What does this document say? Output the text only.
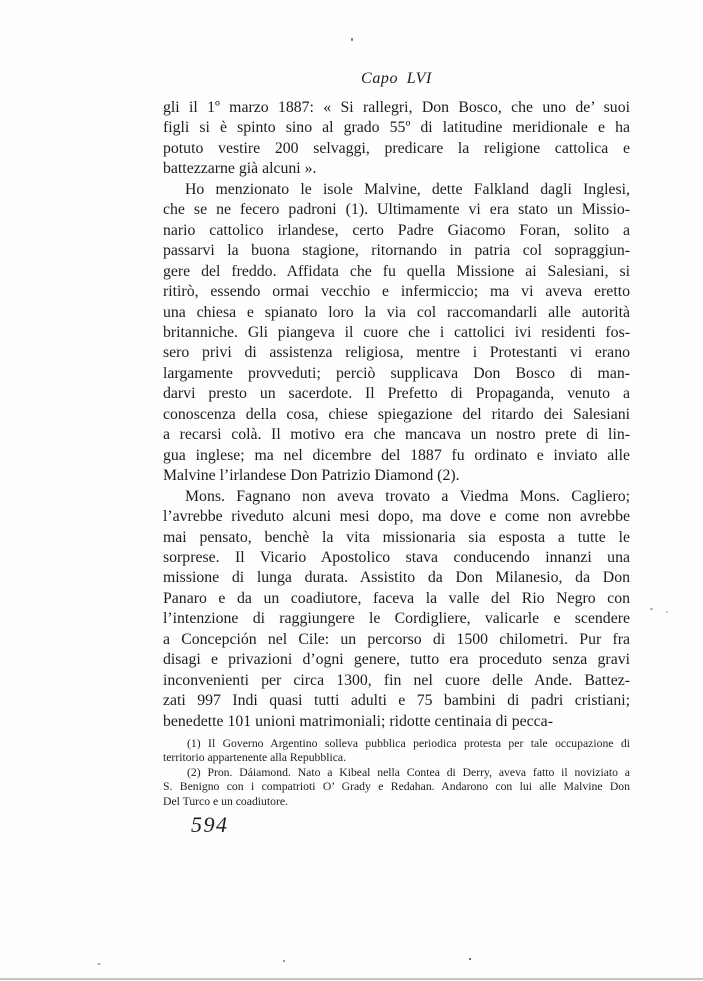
Capo LVI
gli il 1º marzo 1887: « Si rallegri, Don Bosco, che uno de’ suoi
figli si è spinto sino al grado 55º di latitudine meridionale e ha
potuto vestire 200 selvaggi, predicare la religione cattolica e
battezzarne già alcuni ».
Ho menzionato le isole Malvine, dette Falkland dagli Inglesi,
che se ne fecero padroni (1). Ultimamente vi era stato un Missio-
nario cattolico irlandese, certo Padre Giacomo Foran, solito a
passarvi la buona stagione, ritornando in patria col sopraggiun-
gere del freddo. Affidata che fu quella Missione ai Salesiani, si
ritirò, essendo ormai vecchio e infermiccio; ma vi aveva eretto
una chiesa e spianato loro la via col raccomandarli alle autorità
britanniche. Gli piangeva il cuore che i cattolici ivi residenti fos-
sero privi di assistenza religiosa, mentre i Protestanti vi erano
largamente provveduti; perciò supplicava Don Bosco di man-
darvi presto un sacerdote. Il Prefetto di Propaganda, venuto a
conoscenza della cosa, chiese spiegazione del ritardo dei Salesiani
a recarsi colà. Il motivo era che mancava un nostro prete di lin-
gua inglese; ma nel dicembre del 1887 fu ordinato e inviato alle
Malvine l’irlandese Don Patrizio Diamond (2).
Mons. Fagnano non aveva trovato a Viedma Mons. Cagliero;
l’avrebbe riveduto alcuni mesi dopo, ma dove e come non avrebbe
mai pensato, benchè la vita missionaria sia esposta a tutte le
sorprese. Il Vicario Apostolico stava conducendo innanzi una
missione di lunga durata. Assistito da Don Milanesio, da Don
Panaro e da un coadiutore, faceva la valle del Rio Negro con
l’intenzione di raggiungere le Cordigliere, valicarle e scendere
a Concepción nel Cile: un percorso di 1500 chilometri. Pur fra
disagi e privazioni d’ogni genere, tutto era proceduto senza gravi
inconvenienti per circa 1300, fin nel cuore delle Ande. Battez-
zati 997 Indi quasi tutti adulti e 75 bambini di padri cristiani;
benedette 101 unioni matrimoniali; ridotte centinaia di pecca-
(1) Il Governo Argentino solleva pubblica periodica protesta per tale occupazione di
territorio appartenente alla Repubblica.
(2) Pron. Dáiamond. Nato a Kibeal nella Contea di Derry, aveva fatto il noviziato a
S. Benigno con i compatrioti O’ Grady e Redahan. Andarono con lui alle Malvine Don
Del Turco e un coadiutore.
594
